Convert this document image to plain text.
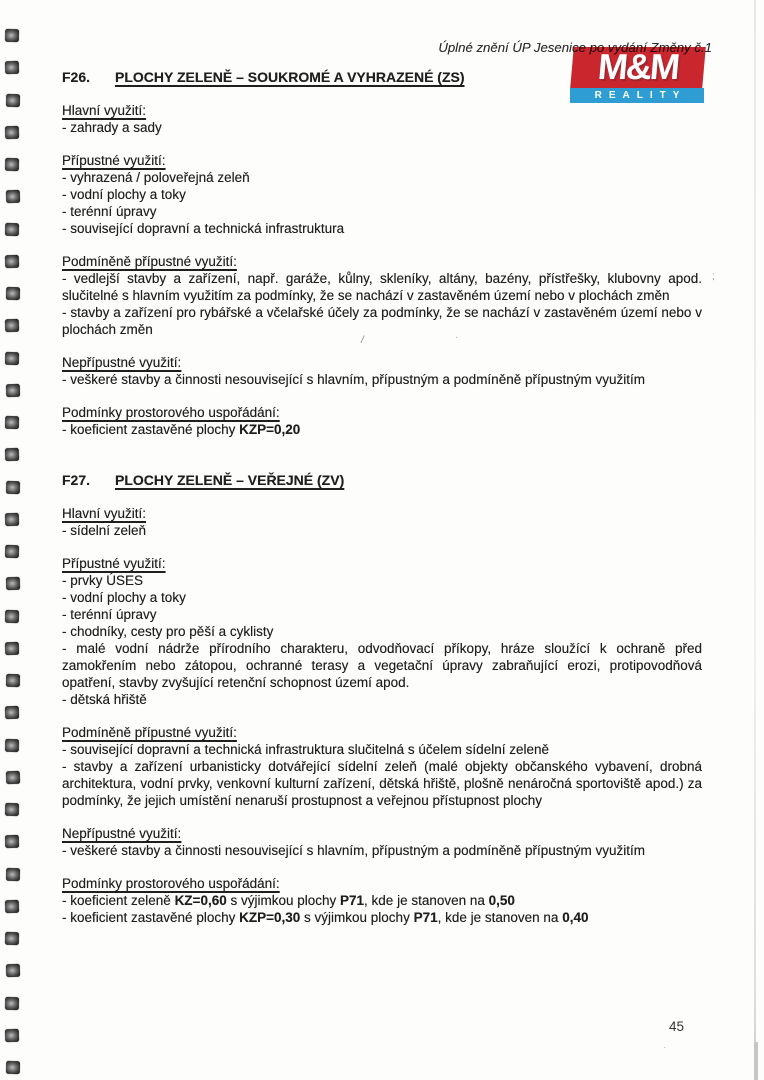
Úplné znění ÚP Jesenice po vydání Změny č.1
M&M
REALITY
F26.	PLOCHY ZELENĚ – SOUKROMÉ A VYHRAZENÉ (ZS)
Hlavní využití:

- zahrady a sady

Přípustné využití:

- vyhrazená / poloveřejná zeleň

- vodní plochy a toky

- terénní úpravy

- související dopravní a technická infrastruktura

Podmíněně přípustné využití:

- vedlejší stavby a zařízení, např. garáže, kůlny, skleníky, altány, bazény, přístřešky, klubovny apod. slučitelné s hlavním využitím za podmínky, že se nachází v zastavěném území nebo v plochách změn

- stavby a zařízení pro rybářské a včelařské účely za podmínky, že se nachází v zastavěném území nebo v plochách změn

Nepřípustné využití:

- veškeré stavby a činnosti nesouvisející s hlavním, přípustným a podmíněně přípustným využitím

Podmínky prostorového uspořádání:

- koeficient zastavěné plochy KZP=0,20

F27.	PLOCHY ZELENĚ – VEŘEJNÉ (ZV)
Hlavní využití:

- sídelní zeleň

Přípustné využití:

- prvky ÚSES

- vodní plochy a toky

- terénní úpravy

- chodníky, cesty pro pěší a cyklisty

- malé vodní nádrže přírodního charakteru, odvodňovací příkopy, hráze sloužící k ochraně před zamokřením nebo zátopou, ochranné terasy a vegetační úpravy zabraňující erozi, protipovodňová opatření, stavby zvyšující retenční schopnost území apod.

- dětská hřiště

Podmíněně přípustné využití:

- související dopravní a technická infrastruktura slučitelná s účelem sídelní zeleně

- stavby a zařízení urbanisticky dotvářející sídelní zeleň (malé objekty občanského vybavení, drobná architektura, vodní prvky, venkovní kulturní zařízení, dětská hřiště, plošně nenáročná sportoviště apod.) za podmínky, že jejich umístění nenaruší prostupnost a veřejnou přístupnost plochy

Nepřípustné využití:

- veškeré stavby a činnosti nesouvisející s hlavním, přípustným a podmíněně přípustným využitím

Podmínky prostorového uspořádání:

- koeficient zeleně KZ=0,60 s výjimkou plochy P71, kde je stanoven na 0,50

- koeficient zastavěné plochy KZP=0,30 s výjimkou plochy P71, kde je stanoven na 0,40

45
/	·
;
·
